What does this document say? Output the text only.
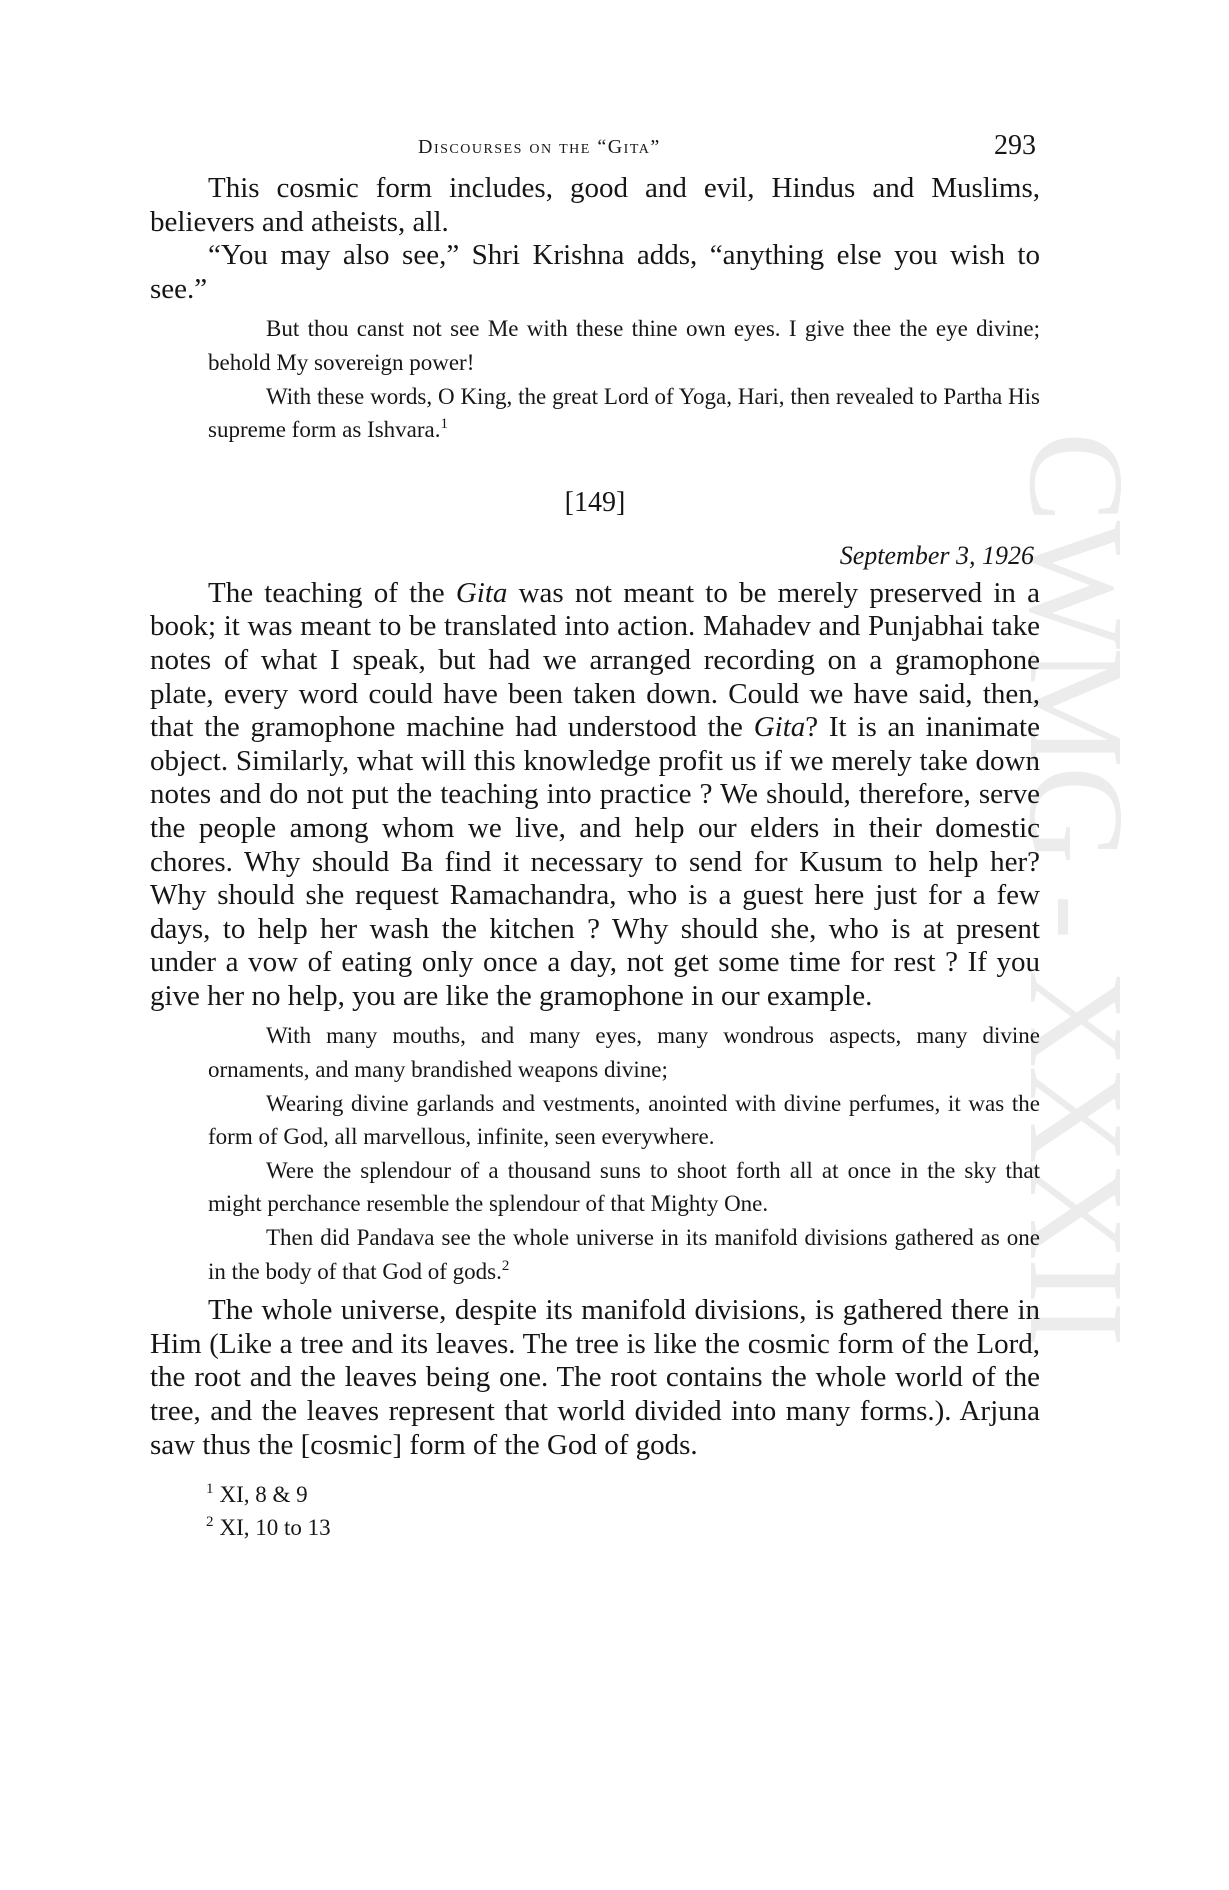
CWMG - XXXII
Discourses on the “Gita”	293

This cosmic form includes, good and evil, Hindus and Muslims, believers and atheists, all.

“You may also see,” Shri Krishna adds, “anything else you wish to see.”

But thou canst not see Me with these thine own eyes. I give thee the eye divine; behold My sovereign power!

With these words, O King, the great Lord of Yoga, Hari, then revealed to Partha His supreme form as Ishvara.$^1$

[149]
September 3, 1926

The teaching of the Gita was not meant to be merely preserved in a book; it was meant to be translated into action. Mahadev and Punjabhai take notes of what I speak, but had we arranged recording on a gramophone plate, every word could have been taken down. Could we have said, then, that the gramophone machine had understood the Gita? It is an inanimate object. Similarly, what will this knowledge profit us if we merely take down notes and do not put the teaching into practice ? We should, therefore, serve the people among whom we live, and help our elders in their domestic chores. Why should Ba find it necessary to send for Kusum to help her? Why should she request Ramachandra, who is a guest here just for a few days, to help her wash the kitchen ? Why should she, who is at present under a vow of eating only once a day, not get some time for rest ? If you give her no help, you are like the gramophone in our example.

With many mouths, and many eyes, many wondrous aspects, many divine ornaments, and many brandished weapons divine;

Wearing divine garlands and vestments, anointed with divine perfumes, it was the form of God, all marvellous, infinite, seen everywhere.

Were the splendour of a thousand suns to shoot forth all at once in the sky that might perchance resemble the splendour of that Mighty One.

Then did Pandava see the whole universe in its manifold divisions gathered as one in the body of that God of gods.$^2$

The whole universe, despite its manifold divisions, is gathered there in Him (Like a tree and its leaves. The tree is like the cosmic form of the Lord, the root and the leaves being one. The root contains the whole world of the tree, and the leaves represent that world divided into many forms.). Arjuna saw thus the [cosmic] form of the God of gods.

$^1$ XI, 8 & 9
$^2$ XI, 10 to 13
